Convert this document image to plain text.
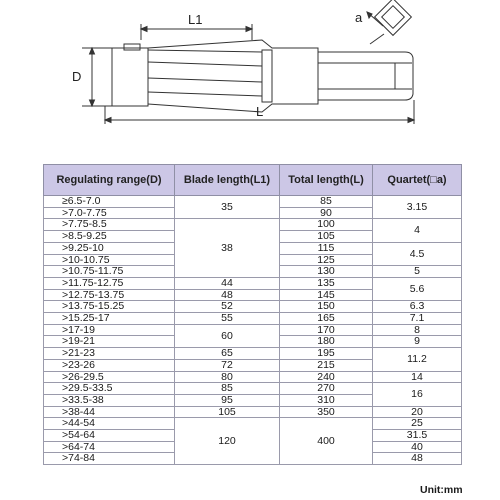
L1
D
L
a
Regulating range(D)	Blade length(L1)	Total length(L)	Quartet(□a)
≥6.5-7.0	35	85	3.15
>7.0-7.75		90	
>7.75-8.5	38	100	4
>8.5-9.25		105	
>9.25-10		115	4.5
>10-10.75		125	
>10.75-11.75		130	5
>11.75-12.75	44	135	5.6
>12.75-13.75	48	145	
>13.75-15.25	52	150	6.3
>15.25-17	55	165	7.1
>17-19	60	170	8
>19-21		180	9
>21-23	65	195	11.2
>23-26	72	215	
>26-29.5	80	240	14
>29.5-33.5	85	270	16
>33.5-38	95	310	
>38-44	105	350	20
>44-54	120	400	25
>54-64			31.5
>64-74			40
>74-84			48
Unit:mm
